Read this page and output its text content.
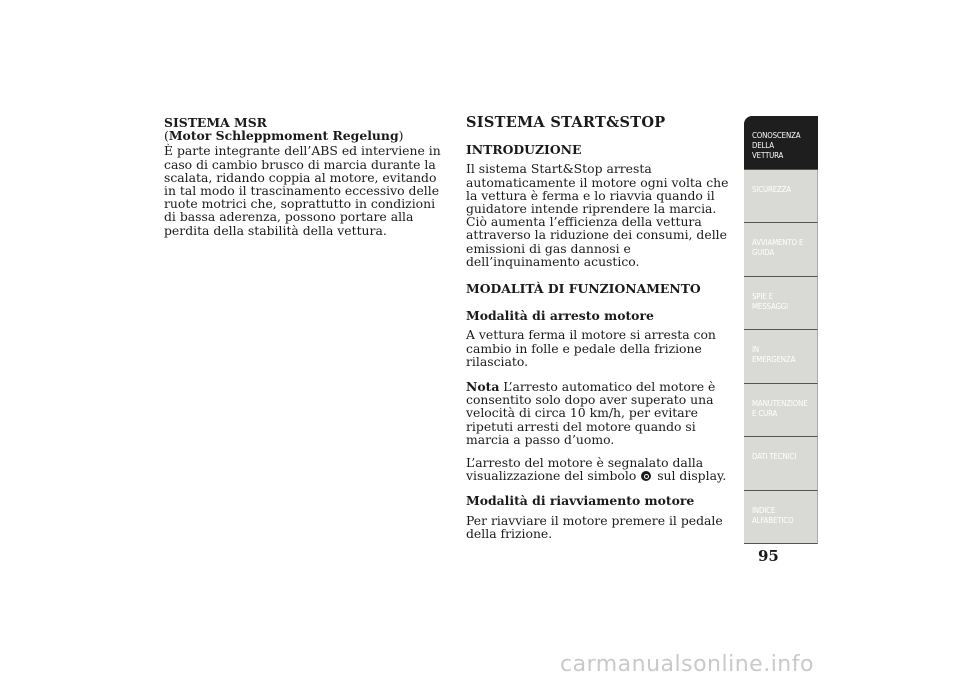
SISTEMA MSR
(Motor Schleppmoment Regelung)
È parte integrante dell’ABS ed interviene in caso di cambio brusco di marcia durante la scalata, ridando coppia al motore, evitando in tal modo il trascinamento eccessivo delle ruote motrici che, soprattutto in condizioni di bassa aderenza, possono portare alla perdita della stabilità della vettura.
SISTEMA START&STOP
INTRODUZIONE
Il sistema Start&Stop arresta automaticamente il motore ogni volta che la vettura è ferma e lo riavvia quando il guidatore intende riprendere la marcia. Ciò aumenta l’efficienza della vettura attraverso la riduzione dei consumi, delle emissioni di gas dannosi e dell’inquinamento acustico.
MODALITÀ DI FUNZIONAMENTO
Modalità di arresto motore
A vettura ferma il motore si arresta con cambio in folle e pedale della frizione rilasciato.
Nota L’arresto automatico del motore è consentito solo dopo aver superato una velocità di circa 10 km/h, per evitare ripetuti arresti del motore quando si marcia a passo d’uomo.
L’arresto del motore è segnalato dalla visualizzazione del simbolo  sul display.
Modalità di riavviamento motore
Per riavviare il motore premere il pedale della frizione.
CONOSCENZA DELLA VETTURA
SICUREZZA
AVVIAMENTO E GUIDA
SPIE E MESSAGGI
IN EMERGENZA
MANUTENZIONE E CURA
DATI TECNICI
INDICE ALFABETICO
95
carmanualsonline.info
